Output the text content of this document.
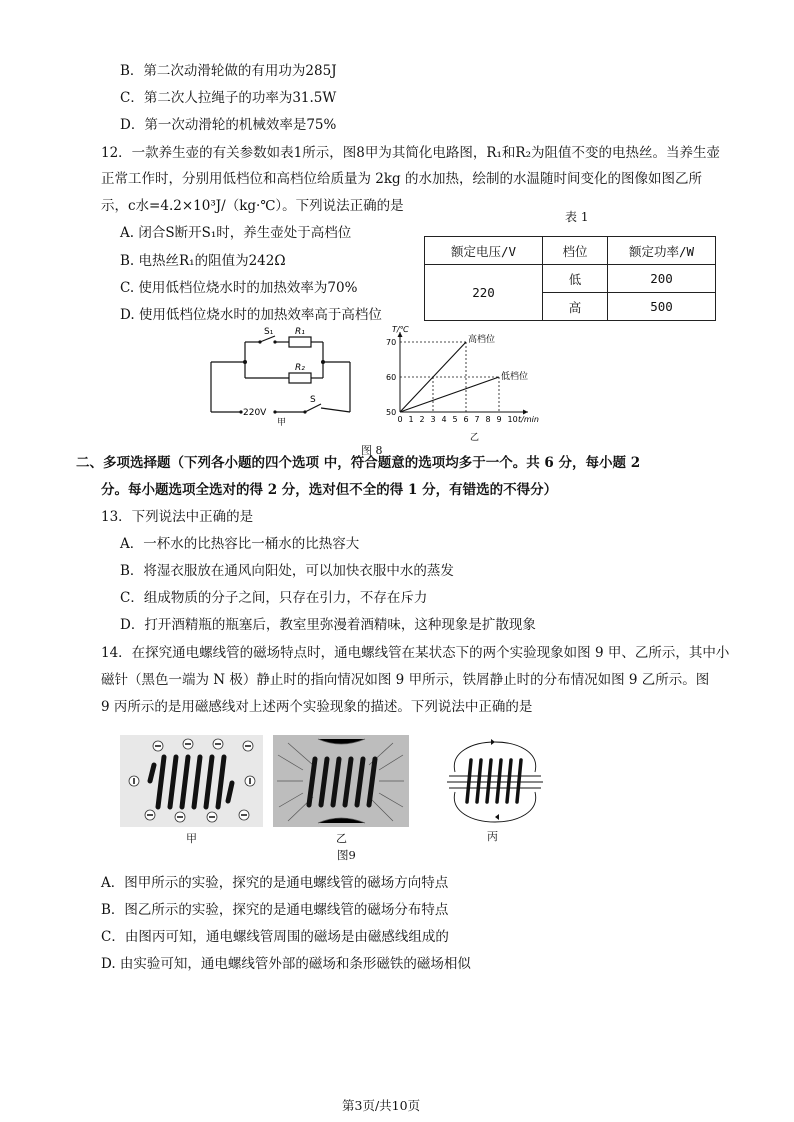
B．第二次动滑轮做的有用功为285J
C．第二次人拉绳子的功率为31.5W
D．第一次动滑轮的机械效率是75%
12．一款养生壶的有关参数如表1所示，图8甲为其简化电路图，R₁和R₂为阻值不变的电热丝。当养生壶
正常工作时，分别用低档位和高档位给质量为 2kg 的水加热，绘制的水温随时间变化的图像如图乙所
示，c水=4.2×10³J/（kg·℃）。下列说法正确的是
A. 闭合S断开S₁时，养生壶处于高档位
B. 电热丝R₁的阻值为242Ω
C. 使用低档位烧水时的加热效率为70%
D. 使用低档位烧水时的加热效率高于高档位
表 1
额定电压/V	档位	额定功率/W
220	低	200
	高	500
S₁ R₁
R₂
S
220V
甲	0 1 2 3 4 5 6 7 8 9 10
50
60
70
T/℃
t/min
高档位
低档位
乙
图 8
二、多项选择题（下列各小题的四个选项 中，符合题意的选项均多于一个。共 6 分，每小题 2
分。每小题选项全选对的得 2 分，选对但不全的得 1 分，有错选的不得分）
13．下列说法中正确的是
A．一杯水的比热容比一桶水的比热容大
B．将湿衣服放在通风向阳处，可以加快衣服中水的蒸发
C．组成物质的分子之间，只存在引力，不存在斥力
D．打开酒精瓶的瓶塞后，教室里弥漫着酒精味，这种现象是扩散现象
14．在探究通电螺线管的磁场特点时，通电螺线管在某状态下的两个实验现象如图 9 甲、乙所示，其中小
磁针（黑色一端为 N 极）静止时的指向情况如图 9 甲所示，铁屑静止时的分布情况如图 9 乙所示。图
9 丙所示的是用磁感线对上述两个实验现象的描述。下列说法中正确的是
甲	乙	丙
图9
A．图甲所示的实验，探究的是通电螺线管的磁场方向特点
B．图乙所示的实验，探究的是通电螺线管的磁场分布特点
C．由图丙可知，通电螺线管周围的磁场是由磁感线组成的
D. 由实验可知，通电螺线管外部的磁场和条形磁铁的磁场相似
第3页/共10页
